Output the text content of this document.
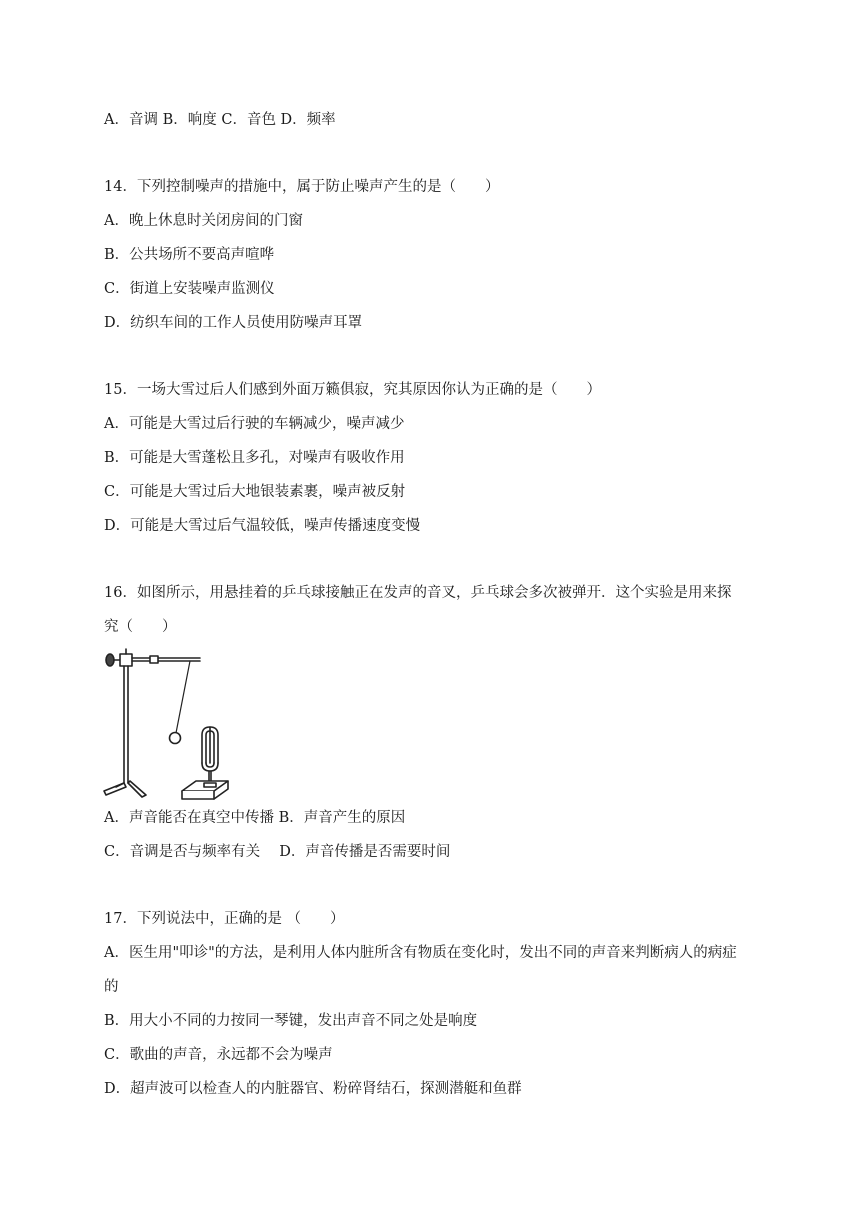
A．音调 B．响度 C．音色 D．频率
14．下列控制噪声的措施中，属于防止噪声产生的是（　　）
A．晚上休息时关闭房间的门窗
B．公共场所不要高声喧哗
C．街道上安装噪声监测仪
D．纺织车间的工作人员使用防噪声耳罩
15．一场大雪过后人们感到外面万籁俱寂，究其原因你认为正确的是（　　）
A．可能是大雪过后行驶的车辆减少，噪声减少
B．可能是大雪蓬松且多孔，对噪声有吸收作用
C．可能是大雪过后大地银装素裹，噪声被反射
D．可能是大雪过后气温较低，噪声传播速度变慢
16．如图所示，用悬挂着的乒乓球接触正在发声的音叉，乒乓球会多次被弹开．这个实验是用来探
究（　　）
A．声音能否在真空中传播 B．声音产生的原因
C．音调是否与频率有关　 D．声音传播是否需要时间
17．下列说法中，正确的是 （　　）
A．医生用"叩诊"的方法，是利用人体内脏所含有物质在变化时，发出不同的声音来判断病人的病症
的
B．用大小不同的力按同一琴键，发出声音不同之处是响度
C．歌曲的声音，永远都不会为噪声
D．超声波可以检查人的内脏器官、粉碎肾结石，探测潜艇和鱼群
